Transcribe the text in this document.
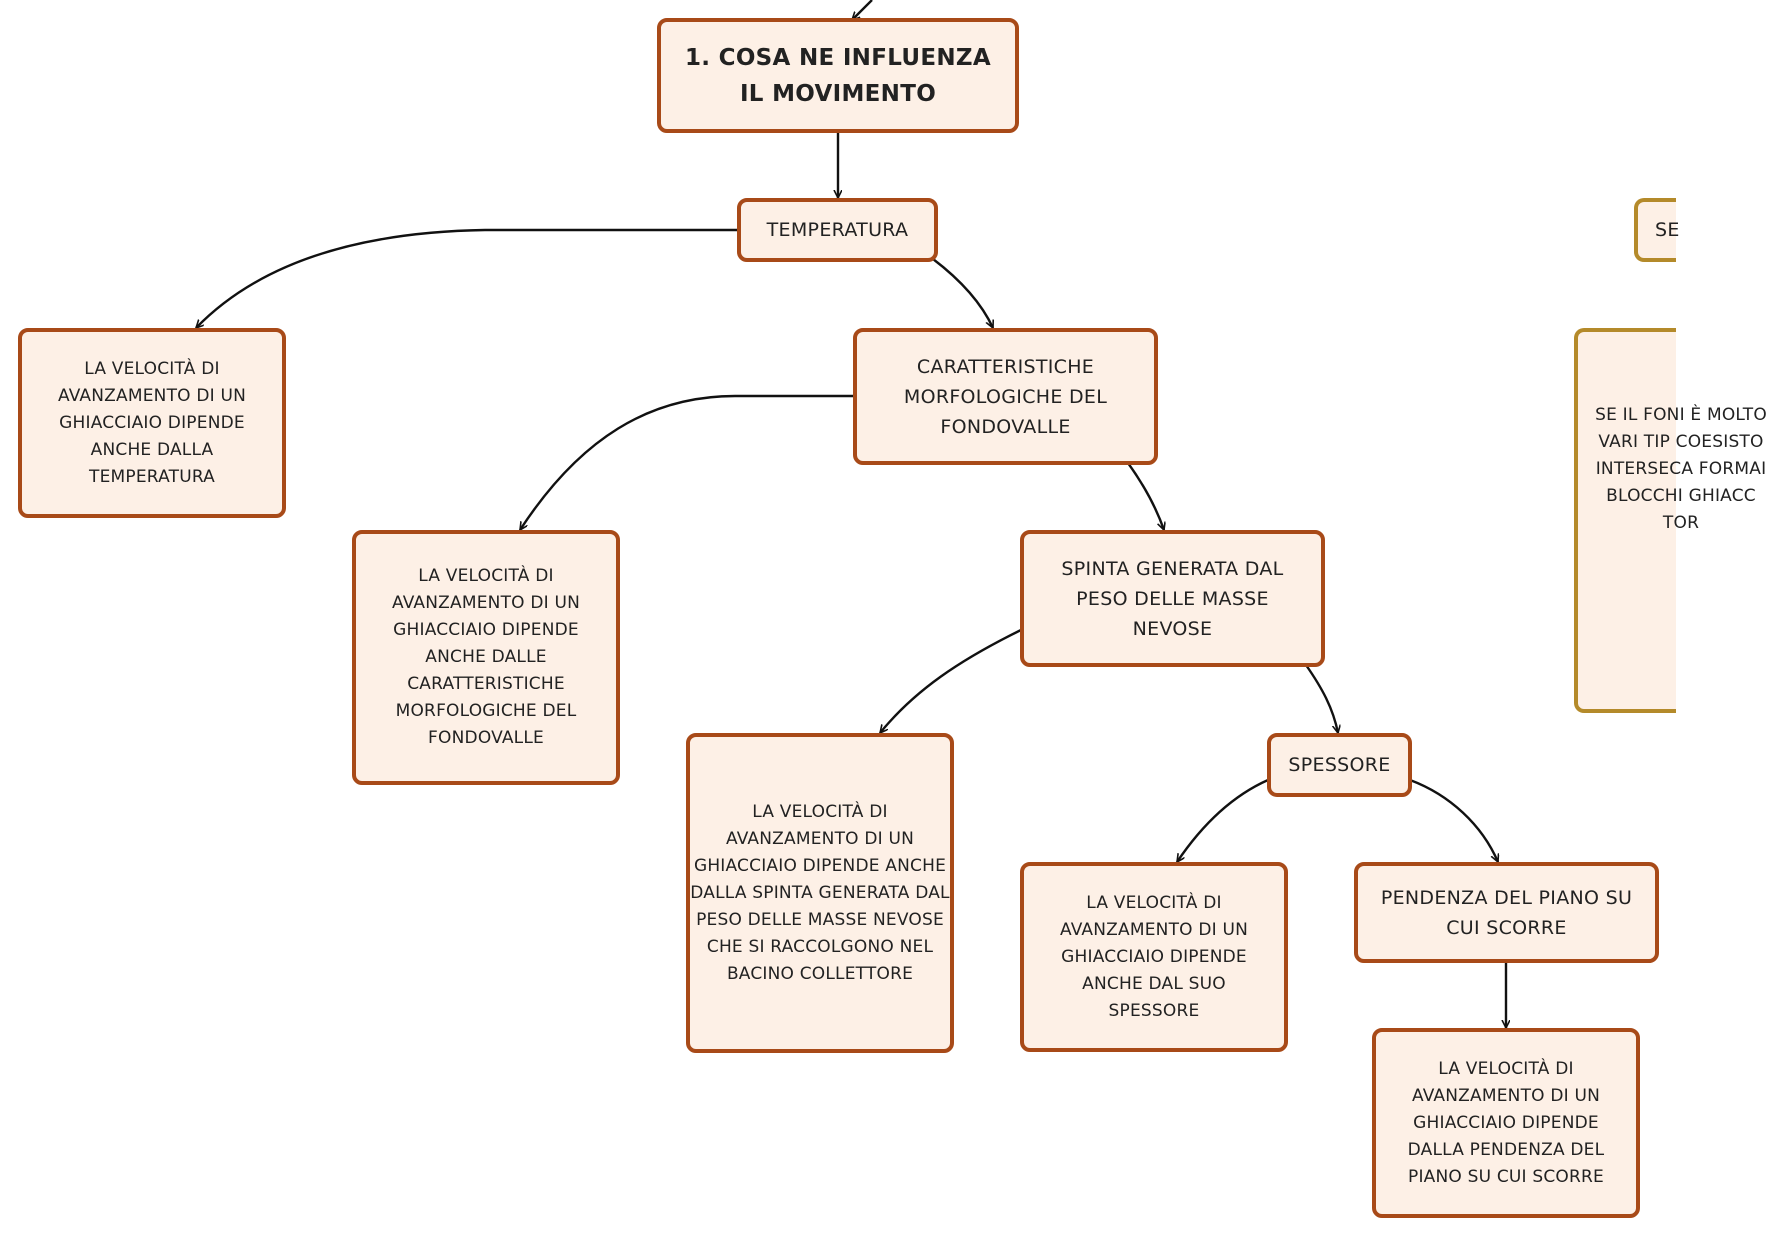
1. COSA NE INFLUENZA IL MOVIMENTO
TEMPERATURA
LA VELOCITÀ DI AVANZAMENTO DI UN GHIACCIAIO DIPENDE ANCHE DALLA TEMPERATURA
CARATTERISTICHE MORFOLOGICHE DEL FONDOVALLE
LA VELOCITÀ DI AVANZAMENTO DI UN GHIACCIAIO DIPENDE ANCHE DALLE CARATTERISTICHE MORFOLOGICHE DEL FONDOVALLE
SPINTA GENERATA DAL PESO DELLE MASSE NEVOSE
LA VELOCITÀ DI AVANZAMENTO DI UN GHIACCIAIO DIPENDE ANCHE DALLA SPINTA GENERATA DAL PESO DELLE MASSE NEVOSE CHE SI RACCOLGONO NEL BACINO COLLETTORE
SPESSORE
LA VELOCITÀ DI AVANZAMENTO DI UN GHIACCIAIO DIPENDE ANCHE DAL SUO SPESSORE
PENDENZA DEL PIANO SU CUI SCORRE
LA VELOCITÀ DI AVANZAMENTO DI UN GHIACCIAIO DIPENDE DALLA PENDENZA DEL PIANO SU CUI SCORRE
SE
SE IL FONI È MOLTO VARI TIP COESISTO INTERSECA FORMAI BLOCCHI GHIACC TOR
